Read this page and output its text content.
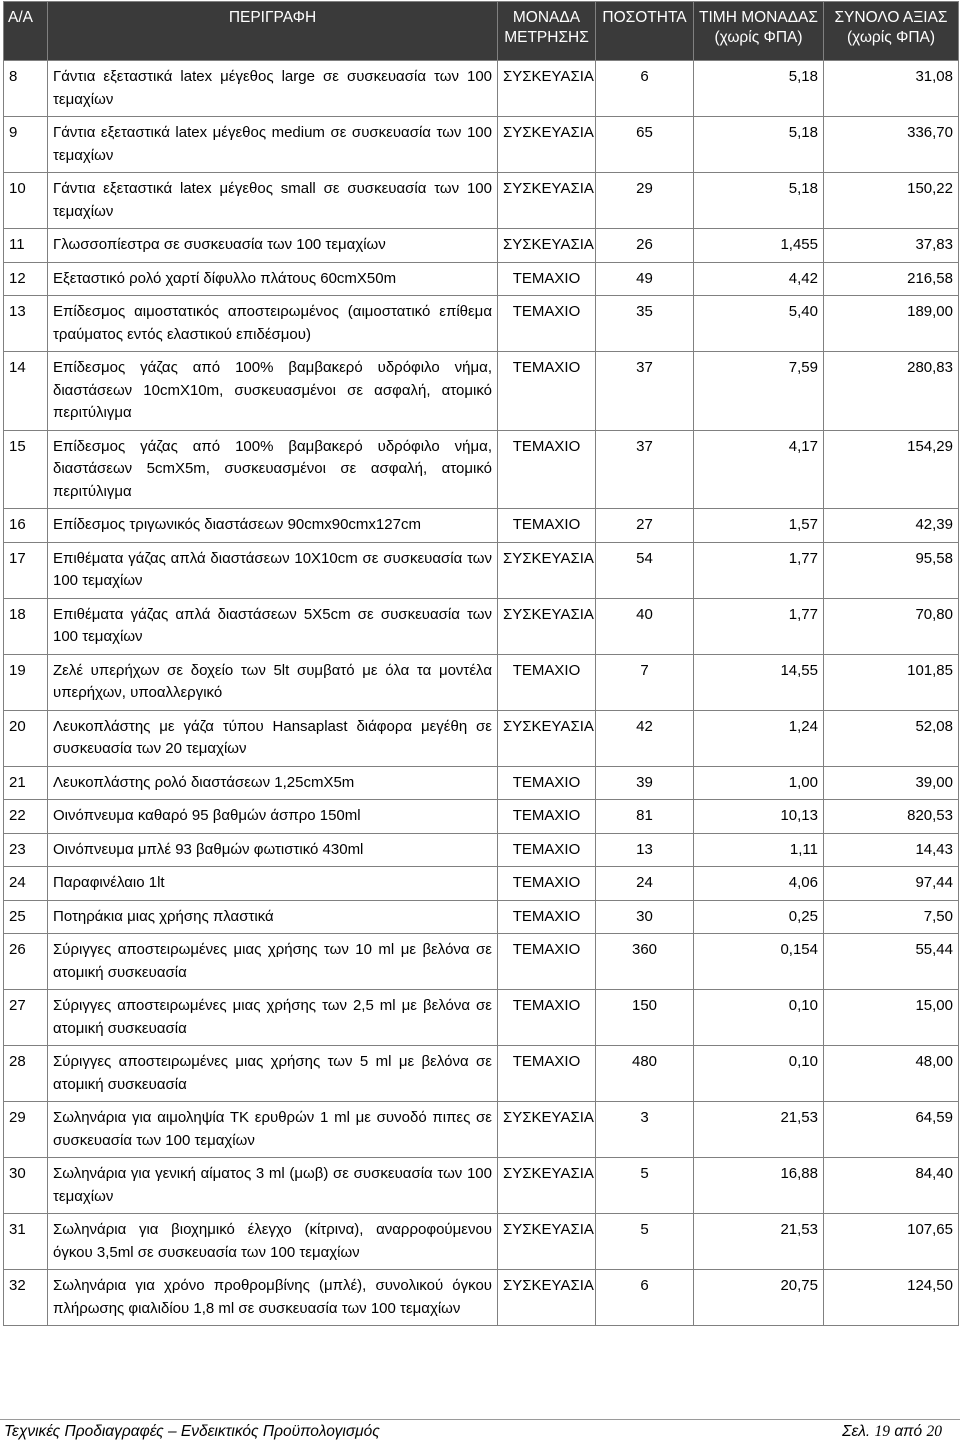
Α/Α	ΠΕΡΙΓΡΑΦΗ	ΜΟΝΑΔΑ ΜΕΤΡΗΣΗΣ	ΠΟΣΟΤΗΤΑ	ΤΙΜΗ ΜΟΝΑΔΑΣ (χωρίς ΦΠΑ)	ΣΥΝΟΛΟ ΑΞΙΑΣ (χωρίς ΦΠΑ)
8	Γάντια εξεταστικά latex μέγεθος large σε συσκευασία των 100 τεμαχίων	ΣΥΣΚΕΥΑΣΙΑ	6	5,18	31,08
9	Γάντια εξεταστικά latex μέγεθος medium σε συσκευασία των 100 τεμαχίων	ΣΥΣΚΕΥΑΣΙΑ	65	5,18	336,70
10	Γάντια εξεταστικά latex μέγεθος small σε συσκευασία των 100 τεμαχίων	ΣΥΣΚΕΥΑΣΙΑ	29	5,18	150,22
11	Γλωσσοπίεστρα σε συσκευασία των 100 τεμαχίων	ΣΥΣΚΕΥΑΣΙΑ	26	1,455	37,83
12	Εξεταστικό ρολό χαρτί δίφυλλο πλάτους 60cmX50m	ΤΕΜΑΧΙΟ	49	4,42	216,58
13	Επίδεσμος αιμοστατικός αποστειρωμένος (αιμοστατικό επίθεμα τραύματος εντός ελαστικού επιδέσμου)	ΤΕΜΑΧΙΟ	35	5,40	189,00
14	Επίδεσμος γάζας από 100% βαμβακερό υδρόφιλο νήμα, διαστάσεων 10cmX10m, συσκευασμένοι σε ασφαλή, ατομικό περιτύλιγμα	ΤΕΜΑΧΙΟ	37	7,59	280,83
15	Επίδεσμος γάζας από 100% βαμβακερό υδρόφιλο νήμα, διαστάσεων 5cmX5m, συσκευασμένοι σε ασφαλή, ατομικό περιτύλιγμα	ΤΕΜΑΧΙΟ	37	4,17	154,29
16	Επίδεσμος τριγωνικός διαστάσεων 90cmx90cmx127cm	ΤΕΜΑΧΙΟ	27	1,57	42,39
17	Επιθέματα γάζας απλά διαστάσεων 10X10cm σε συσκευασία των 100 τεμαχίων	ΣΥΣΚΕΥΑΣΙΑ	54	1,77	95,58
18	Επιθέματα γάζας απλά διαστάσεων 5X5cm σε συσκευασία των 100 τεμαχίων	ΣΥΣΚΕΥΑΣΙΑ	40	1,77	70,80
19	Ζελέ υπερήχων σε δοχείο των 5lt συμβατό με όλα τα μοντέλα υπερήχων, υποαλλεργικό	ΤΕΜΑΧΙΟ	7	14,55	101,85
20	Λευκοπλάστης με γάζα τύπου Hansaplast διάφορα μεγέθη σε συσκευασία των 20 τεμαχίων	ΣΥΣΚΕΥΑΣΙΑ	42	1,24	52,08
21	Λευκοπλάστης ρολό διαστάσεων 1,25cmX5m	ΤΕΜΑΧΙΟ	39	1,00	39,00
22	Οινόπνευμα καθαρό 95 βαθμών άσπρο 150ml	ΤΕΜΑΧΙΟ	81	10,13	820,53
23	Οινόπνευμα μπλέ 93 βαθμών φωτιστικό 430ml	ΤΕΜΑΧΙΟ	13	1,11	14,43
24	Παραφινέλαιο 1lt	ΤΕΜΑΧΙΟ	24	4,06	97,44
25	Ποτηράκια μιας χρήσης πλαστικά	ΤΕΜΑΧΙΟ	30	0,25	7,50
26	Σύριγγες αποστειρωμένες μιας χρήσης των 10 ml με βελόνα σε ατομική συσκευασία	ΤΕΜΑΧΙΟ	360	0,154	55,44
27	Σύριγγες αποστειρωμένες μιας χρήσης των 2,5 ml με βελόνα σε ατομική συσκευασία	ΤΕΜΑΧΙΟ	150	0,10	15,00
28	Σύριγγες αποστειρωμένες μιας χρήσης των 5 ml με βελόνα σε ατομική συσκευασία	ΤΕΜΑΧΙΟ	480	0,10	48,00
29	Σωληνάρια για αιμοληψία ΤΚ ερυθρών 1 ml με συνοδό πιπες σε συσκευασία των 100 τεμαχίων	ΣΥΣΚΕΥΑΣΙΑ	3	21,53	64,59
30	Σωληνάρια για γενική αίματος 3 ml (μωβ) σε συσκευασία των 100 τεμαχίων	ΣΥΣΚΕΥΑΣΙΑ	5	16,88	84,40
31	Σωληνάρια για βιοχημικό έλεγχο (κίτρινα), αναρροφούμενου όγκου 3,5ml σε συσκευασία των 100 τεμαχίων	ΣΥΣΚΕΥΑΣΙΑ	5	21,53	107,65
32	Σωληνάρια για χρόνο προθρομβίνης (μπλέ), συνολικού όγκου πλήρωσης φιαλιδίου 1,8 ml σε συσκευασία των 100 τεμαχίων	ΣΥΣΚΕΥΑΣΙΑ	6	20,75	124,50
Τεχνικές Προδιαγραφές – Ενδεικτικός Προϋπολογισμός	Σελ. 19 από 20
